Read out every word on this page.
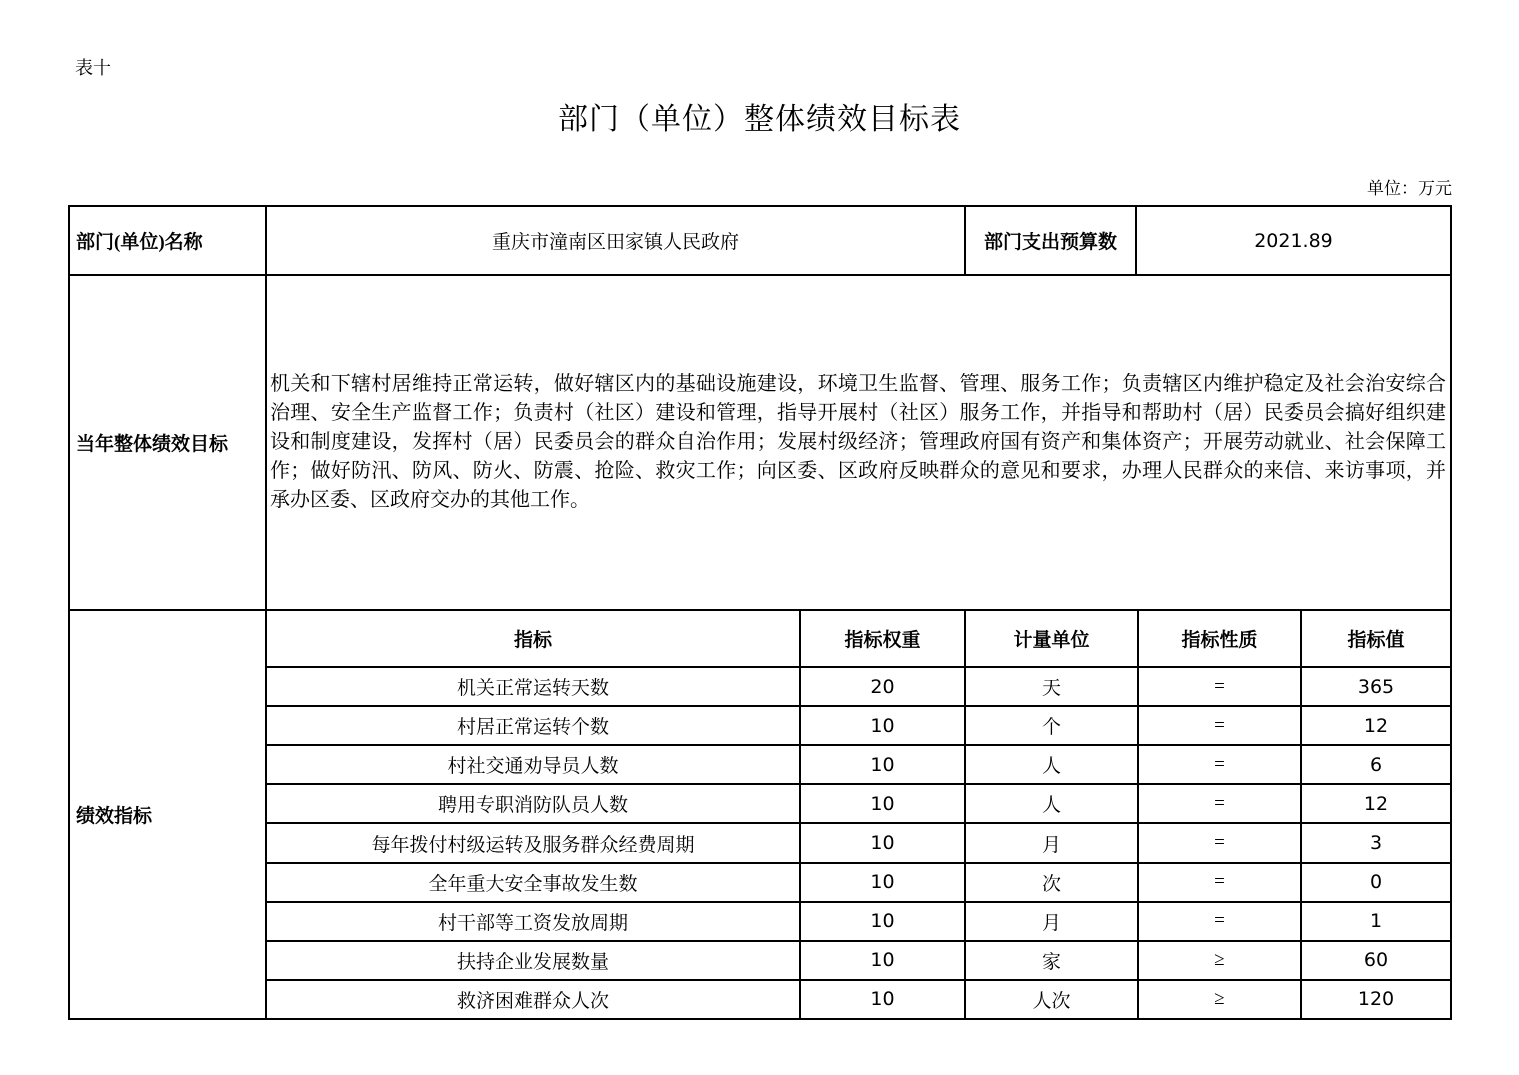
表十
部门（单位）整体绩效目标表
单位：万元
部门(单位)名称	重庆市潼南区田家镇人民政府	部门支出预算数	2021.89
当年整体绩效目标
机关和下辖村居维持正常运转，做好辖区内的基础设施建设，环境卫生监督、管理、服务工作；负责辖区内维护稳定及社会治安综合治理、安全生产监督工作；负责村（社区）建设和管理，指导开展村（社区）服务工作，并指导和帮助村（居）民委员会搞好组织建设和制度建设，发挥村（居）民委员会的群众自治作用；发展村级经济；管理政府国有资产和集体资产；开展劳动就业、社会保障工作；做好防汛、防风、防火、防震、抢险、救灾工作；向区委、区政府反映群众的意见和要求，办理人民群众的来信、来访事项，并承办区委、区政府交办的其他工作。
绩效指标
指标	指标权重	计量单位	指标性质	指标值
机关正常运转天数	20	天	=	365
村居正常运转个数	10	个	=	12
村社交通劝导员人数	10	人	=	6
聘用专职消防队员人数	10	人	=	12
每年拨付村级运转及服务群众经费周期	10	月	=	3
全年重大安全事故发生数	10	次	=	0
村干部等工资发放周期	10	月	=	1
扶持企业发展数量	10	家	≥	60
救济困难群众人次	10	人次	≥	120
